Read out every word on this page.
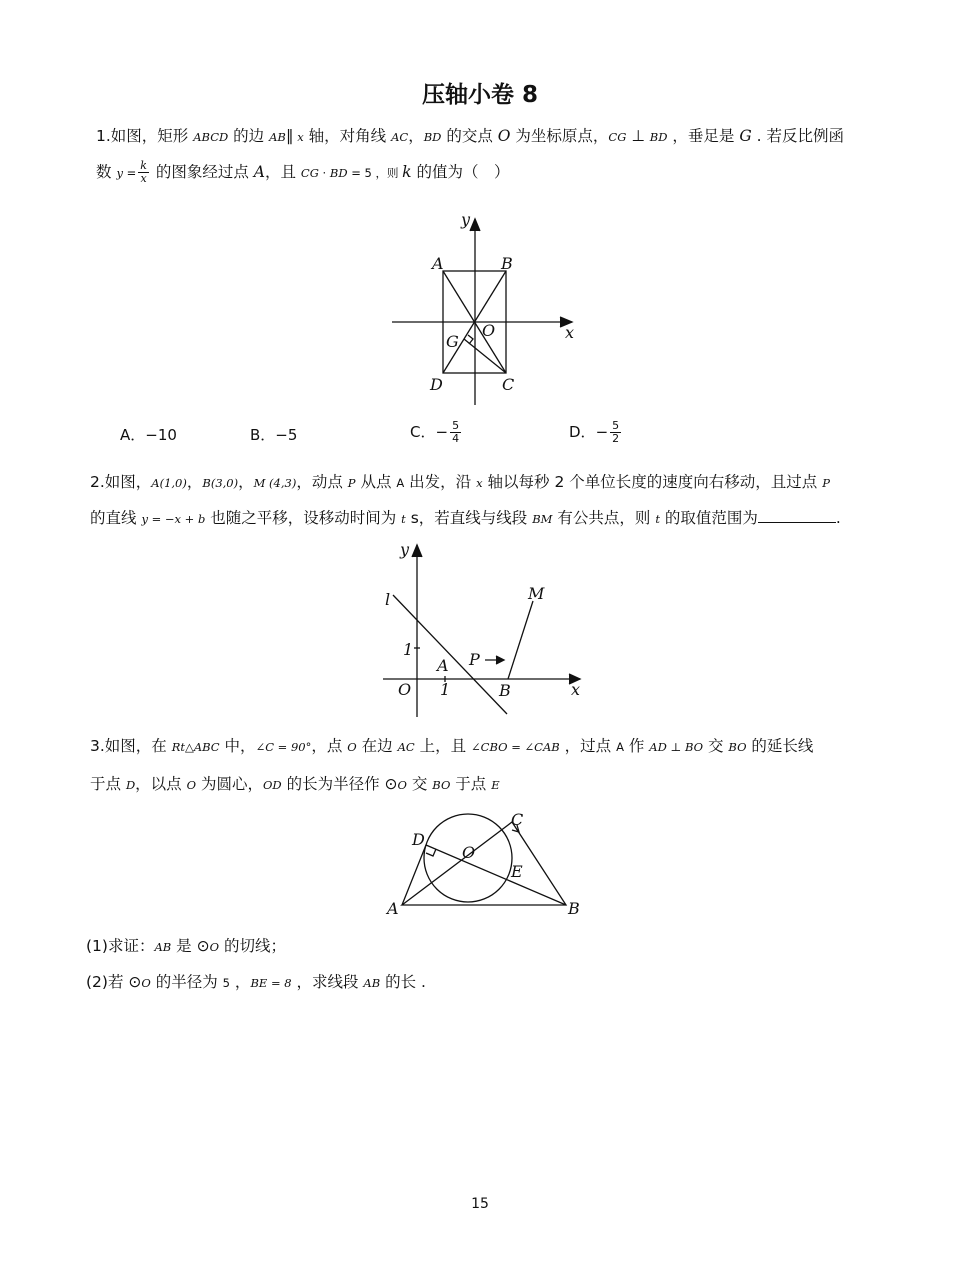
压轴小卷 8
1.如图，矩形 ABCD 的边 AB∥ x 轴，对角线 AC，BD 的交点 O 为坐标原点，CG ⊥ BD ，垂足是 G . 若反比例函
数 $y = \frac{k}{x}$ 的图象经过点 A，且 CG · BD = 5 ，则 k 的值为（　）
y
x
A	B
C
D
O
G
A．−10	B．−5	C．− $\frac{5}{4}$	D．− $\frac{5}{2}$
2.如图，A(1,0)，B(3,0)，M (4,3)，动点 P 从点 A 出发，沿 x 轴以每秒 2 个单位长度的速度向右移动，且过点 P
的直线 y = −x + b 也随之平移，设移动时间为 t s，若直线与线段 BM 有公共点，则 t 的取值范围为	.
y
x
l	M
1
A P
O 1	B
3.如图，在 Rt△ABC 中，∠C = 90°，点 O 在边 AC 上，且 ∠CBO = ∠CAB ，过点 A 作 AD ⊥ BO 交 BO 的延长线
于点 D，以点 O 为圆心，OD 的长为半径作 ⊙O 交 BO 于点 E
D
C
O
E
A	B
(1)求证：AB 是 ⊙O 的切线；
(2)若 ⊙O 的半径为 5 ，BE = 8 ，求线段 AB 的长 .
15
